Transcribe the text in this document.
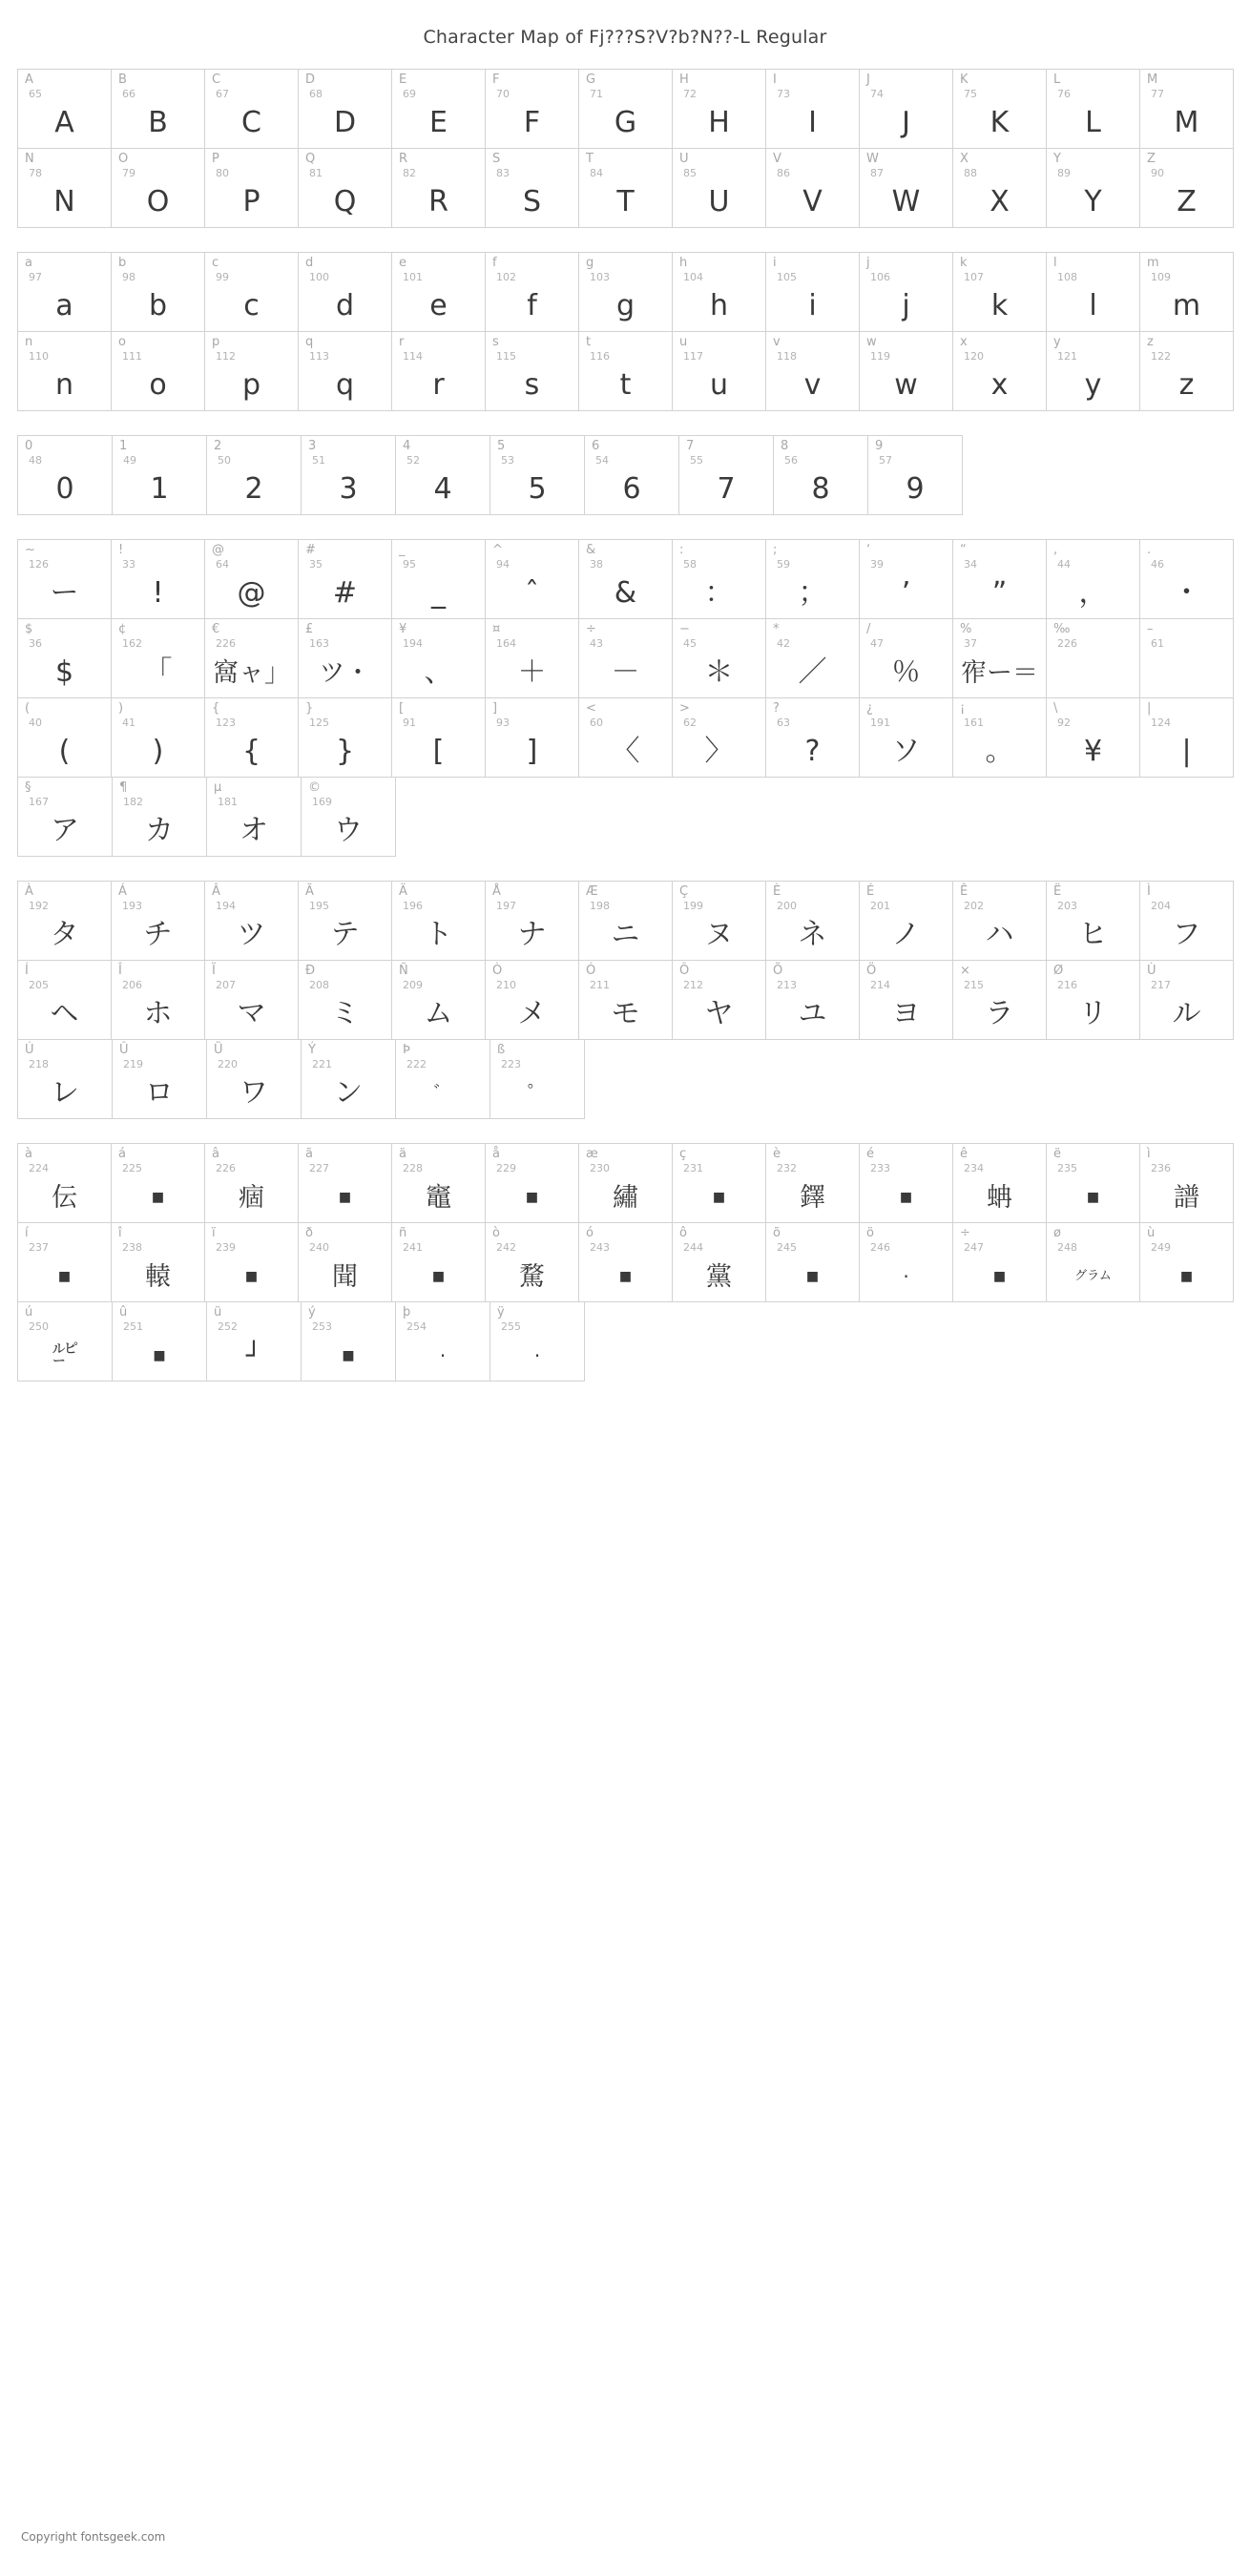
Character Map of Fj???S?V?b?N??-L Regular
A
65
A
B
66
B
C
67
C
D
68
D
E
69
E
F
70
F
G
71
G
H
72
H
I
73
I
J
74
J
K
75
K
L
76
L
M
77
M
N
78
N
O
79
O
P
80
P
Q
81
Q
R
82
R
S
83
S
T
84
T
U
85
U
V
86
V
W
87
W
X
88
X
Y
89
Y
Z
90
Z
a
97
a
b
98
b
c
99
c
d
100
d
e
101
e
f
102
f
g
103
g
h
104
h
i
105
i
j
106
j
k
107
k
l
108
l
m
109
m
n
110
n
o
111
o
p
112
p
q
113
q
r
114
r
s
115
s
t
116
t
u
117
u
v
118
v
w
119
w
x
120
x
y
121
y
z
122
z
0
48
0
1
49
1
2
50
2
3
51
3
4
52
4
5
53
5
6
54
6
7
55
7
8
56
8
9
57
9
~
126
ー
!
33
!
@
64
@
#
35
#
_
95
_
^
94
ˆ
&
38
&
:
58
：
;
59
；
‘
39
’
“
34
”
,
44
，
.
46
・
$
36
$
¢
162
「
€
226
窩ャ」
£
163
ツ・
¥
194
、
¤
164
＋
÷
43
－
−
45
＊
*
42
／
/
47
％
%
37
宱ー＝
‰
226
–
61
(
40
(
)
41
)
{
123
{
}
125
}
[
91
[
]
93
]
<
60
〈
>
62
〉
?
63
?
¿
191
ソ
¡
161
。
\
92
¥
|
124
|
§
167
ア
¶
182
カ
µ
181
オ
©
169
ウ
À
192
タ
Á
193
チ
Â
194
ツ
Ã
195
テ
Ä
196
ト
Å
197
ナ
Æ
198
ニ
Ç
199
ヌ
È
200
ネ
É
201
ノ
Ê
202
ハ
Ë
203
ヒ
Ì
204
フ
Í
205
ヘ
Î
206
ホ
Ï
207
マ
Ð
208
ミ
Ñ
209
ム
Ò
210
メ
Ó
211
モ
Ô
212
ヤ
Õ
213
ユ
Ö
214
ヨ
×
215
ラ
Ø
216
リ
Ù
217
ル
Ú
218
レ
Û
219
ロ
Ü
220
ワ
Ý
221
ン
Þ
222
゛
ß
223
゜
à
224
伝
á
225
■
â
226
痼
ã
227
■
ä
228
竈
å
229
■
æ
230
繡
ç
231
■
è
232
鐸
é
233
■
ê
234
蚺
ë
235
■
ì
236
譜
í
237
■
î
238
轅
ï
239
■
ð
240
聞
ñ
241
■
ò
242
騖
ó
243
■
ô
244
黨
õ
245
■
ö
246
·
÷
247
■
ø
248
グラム
ù
249
■
ú
250
㍓
û
251
■
ü
252
┘
ý
253
■
þ
254
·
ÿ
255
·
Copyright fontsgeek.com
